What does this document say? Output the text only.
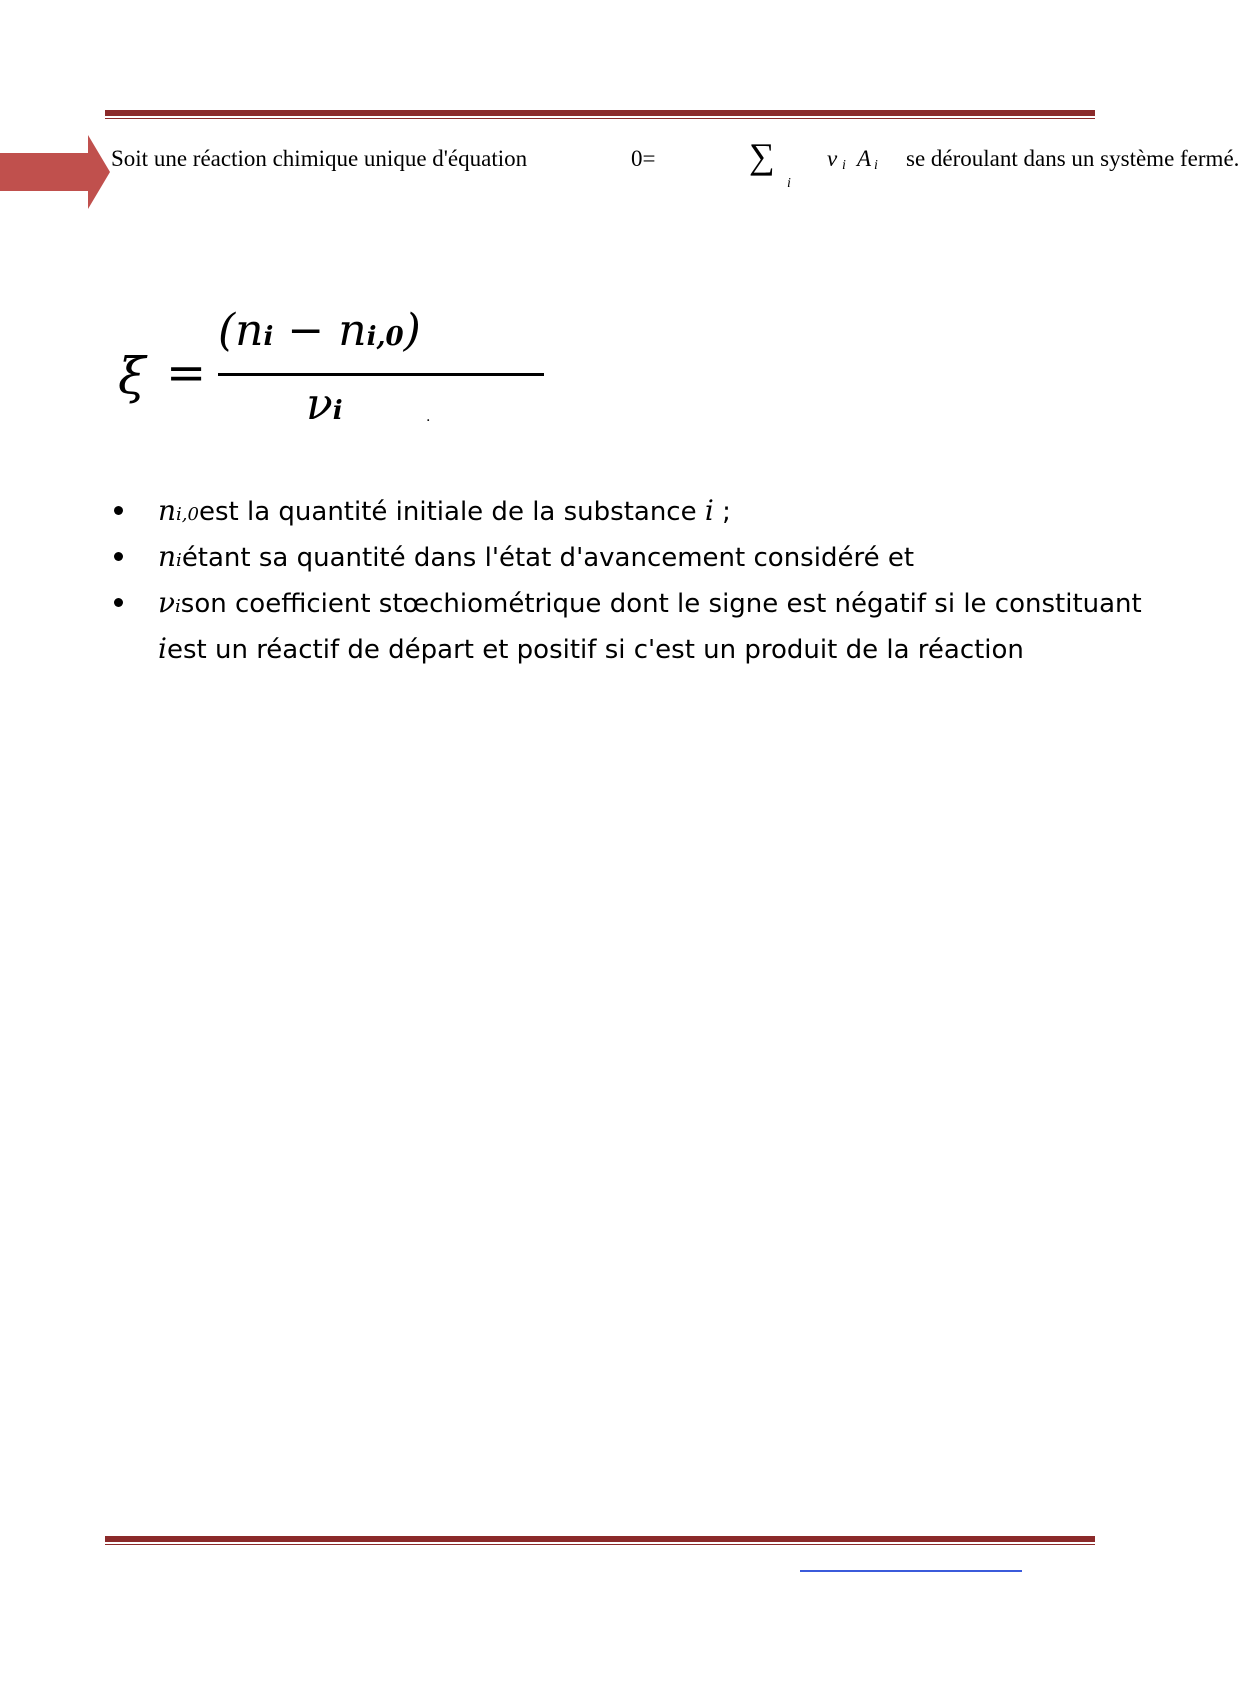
Soit une réaction chimique unique d'équation	0=	∑
i
ν i A i se déroulant dans un système fermé.
ξ =
(ni − ni,0)
νi	.
ni,0est la quantité initiale de la substance i ;
niétant sa quantité dans l'état d'avancement considéré et
νison coefficient stœchiométrique dont le signe est négatif si le constituant iest un réactif de départ et positif si c'est un produit de la réaction
